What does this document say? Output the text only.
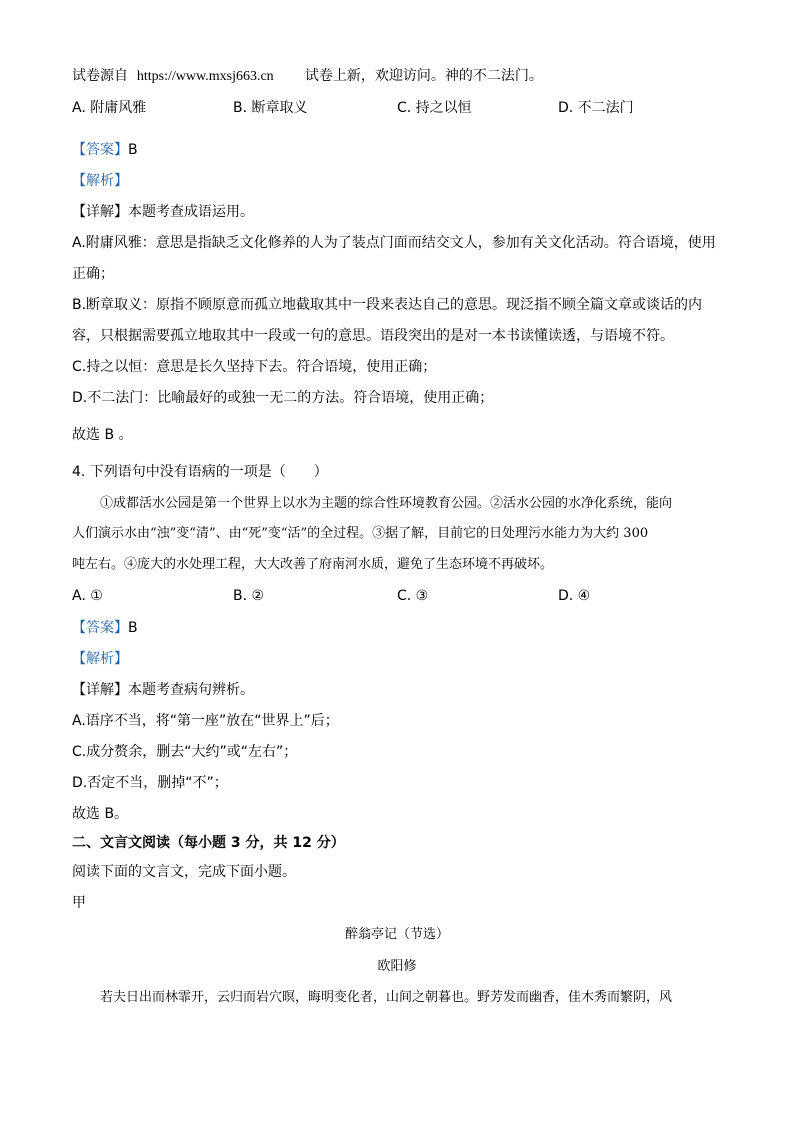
试卷源自 https://www.mxsj663.cn 试卷上新，欢迎访问。神的不二法门。
A. 附庸风雅	B. 断章取义	C. 持之以恒	D. 不二法门
【答案】B
【解析】
【详解】本题考查成语运用。
A.附庸风雅：意思是指缺乏文化修养的人为了装点门面而结交文人，参加有关文化活动。符合语境，使用
正确；
B.断章取义：原指不顾原意而孤立地截取其中一段来表达自己的意思。现泛指不顾全篇文章或谈话的内
容，只根据需要孤立地取其中一段或一句的意思。语段突出的是对一本书读懂读透，与语境不符。
C.持之以恒：意思是长久坚持下去。符合语境，使用正确；
D.不二法门：比喻最好的或独一无二的方法。符合语境，使用正确；
故选 B 。
4. 下列语句中没有语病的一项是（　　）
①成都活水公园是第一个世界上以水为主题的综合性环境教育公园。②活水公园的水净化系统，能向
人们演示水由“浊”变“清”、由“死”变“活”的全过程。③据了解，目前它的日处理污水能力为大约 300
吨左右。④庞大的水处理工程，大大改善了府南河水质，避免了生态环境不再破坏。
A. ①	B. ②	C. ③	D. ④
【答案】B
【解析】
【详解】本题考查病句辨析。
A.语序不当，将“第一座”放在“世界上”后；
C.成分赘余，删去“大约”或“左右”；
D.否定不当，删掉“不”；
故选 B。
二、文言文阅读（每小题 3 分，共 12 分）
阅读下面的文言文，完成下面小题。
甲
醉翁亭记（节选）
欧阳修
若夫日出而林霏开，云归而岩穴暝，晦明变化者，山间之朝暮也。野芳发而幽香，佳木秀而繁阴，风
